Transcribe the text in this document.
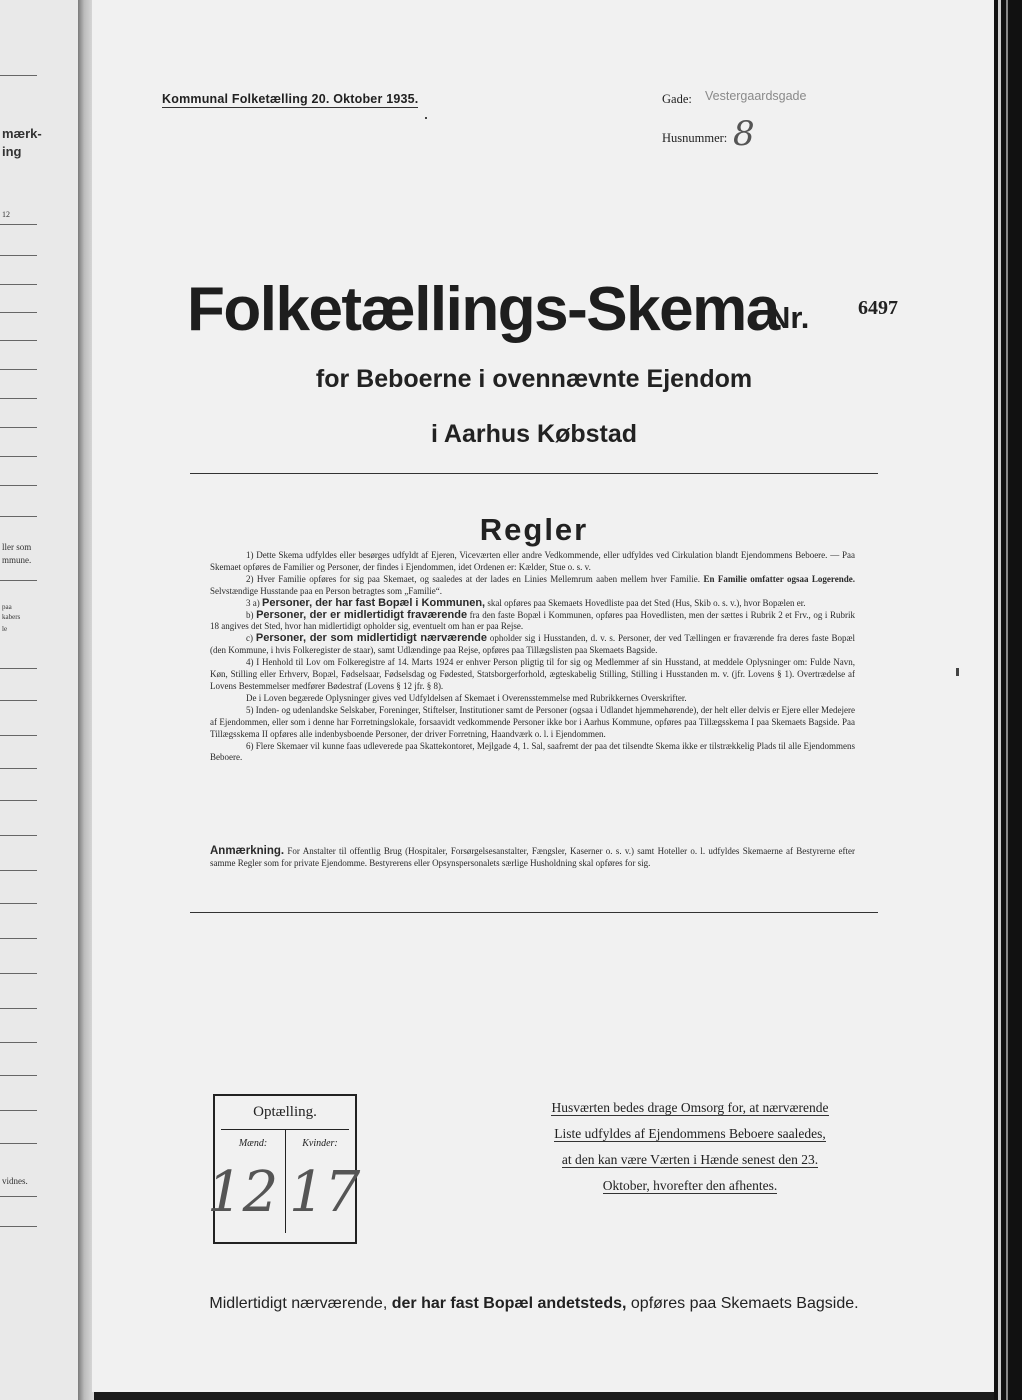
mærk-
ing
12
ller som
mmune.
paa
kabers
le
vidnes.
Kommunal Folketælling 20. Oktober 1935.	Gade: Vestergaardsgade
Husnummer: 8
Folketællings-Skema
Nr. 6497
for Beboerne i ovennævnte Ejendom
i Aarhus Købstad
Regler

1) Dette Skema udfyldes eller besørges udfyldt af Ejeren, Viceværten eller andre Vedkommende, eller udfyldes ved Cirkulation blandt Ejendommens Beboere. — Paa Skemaet opføres de Familier og Personer, der findes i Ejendommen, idet Ordenen er: Kælder, Stue o. s. v.

2) Hver Familie opføres for sig paa Skemaet, og saaledes at der lades en Linies Mellemrum aaben mellem hver Familie. En Familie omfatter ogsaa Logerende. Selvstændige Husstande paa en Person betragtes som „Familie“.

3 a) Personer, der har fast Bopæl i Kommunen, skal opføres paa Skemaets Hovedliste paa det Sted (Hus, Skib o. s. v.), hvor Bopælen er.

b) Personer, der er midlertidigt fraværende fra den faste Bopæl i Kommunen, opføres paa Hovedlisten, men der sættes i Rubrik 2 et Frv., og i Rubrik 18 angives det Sted, hvor han midlertidigt opholder sig, eventuelt om han er paa Rejse.

c) Personer, der som midlertidigt nærværende opholder sig i Husstanden, d. v. s. Personer, der ved Tællingen er fraværende fra deres faste Bopæl (den Kommune, i hvis Folkeregister de staar), samt Udlændinge paa Rejse, opføres paa Tillægslisten paa Skemaets Bagside.

4) I Henhold til Lov om Folkeregistre af 14. Marts 1924 er enhver Person pligtig til for sig og Medlemmer af sin Husstand, at meddele Oplysninger om: Fulde Navn, Køn, Stilling eller Erhverv, Bopæl, Fødselsaar, Fødselsdag og Fødested, Statsborgerforhold, ægteskabelig Stilling, Stilling i Husstanden m. v. (jfr. Lovens § 1). Overtrædelse af Lovens Bestemmelser medfører Bødestraf (Lovens § 12 jfr. § 8).

De i Loven begærede Oplysninger gives ved Udfyldelsen af Skemaet i Overensstemmelse med Rubrikkernes Overskrifter.

5) Inden- og udenlandske Selskaber, Foreninger, Stiftelser, Institutioner samt de Personer (ogsaa i Udlandet hjemmehørende), der helt eller delvis er Ejere eller Medejere af Ejendommen, eller som i denne har Forretningslokale, forsaavidt vedkommende Personer ikke bor i Aarhus Kommune, opføres paa Tillægsskema I paa Skemaets Bagside. Paa Tillægsskema II opføres alle indenbysboende Personer, der driver Forretning, Haandværk o. l. i Ejendommen.

6) Flere Skemaer vil kunne faas udleverede paa Skattekontoret, Mejlgade 4, 1. Sal, saafremt der paa det tilsendte Skema ikke er tilstrækkelig Plads til alle Ejendommens Beboere.

Anmærkning. For Anstalter til offentlig Brug (Hospitaler, Forsørgelsesanstalter, Fængsler, Kaserner o. s. v.) samt Hoteller o. l. udfyldes Skemaerne af Bestyrerne efter samme Regler som for private Ejendomme. Bestyrerens eller Opsynspersonalets særlige Husholdning skal opføres for sig.
Optælling.
Mænd:	Kvinder:
12 17
Husværten bedes drage Omsorg for, at nærværende
Liste udfyldes af Ejendommens Beboere saaledes,
at den kan være Værten i Hænde senest den 23.
Oktober, hvorefter den afhentes.
Midlertidigt nærværende, der har fast Bopæl andetsteds, opføres paa Skemaets Bagside.
